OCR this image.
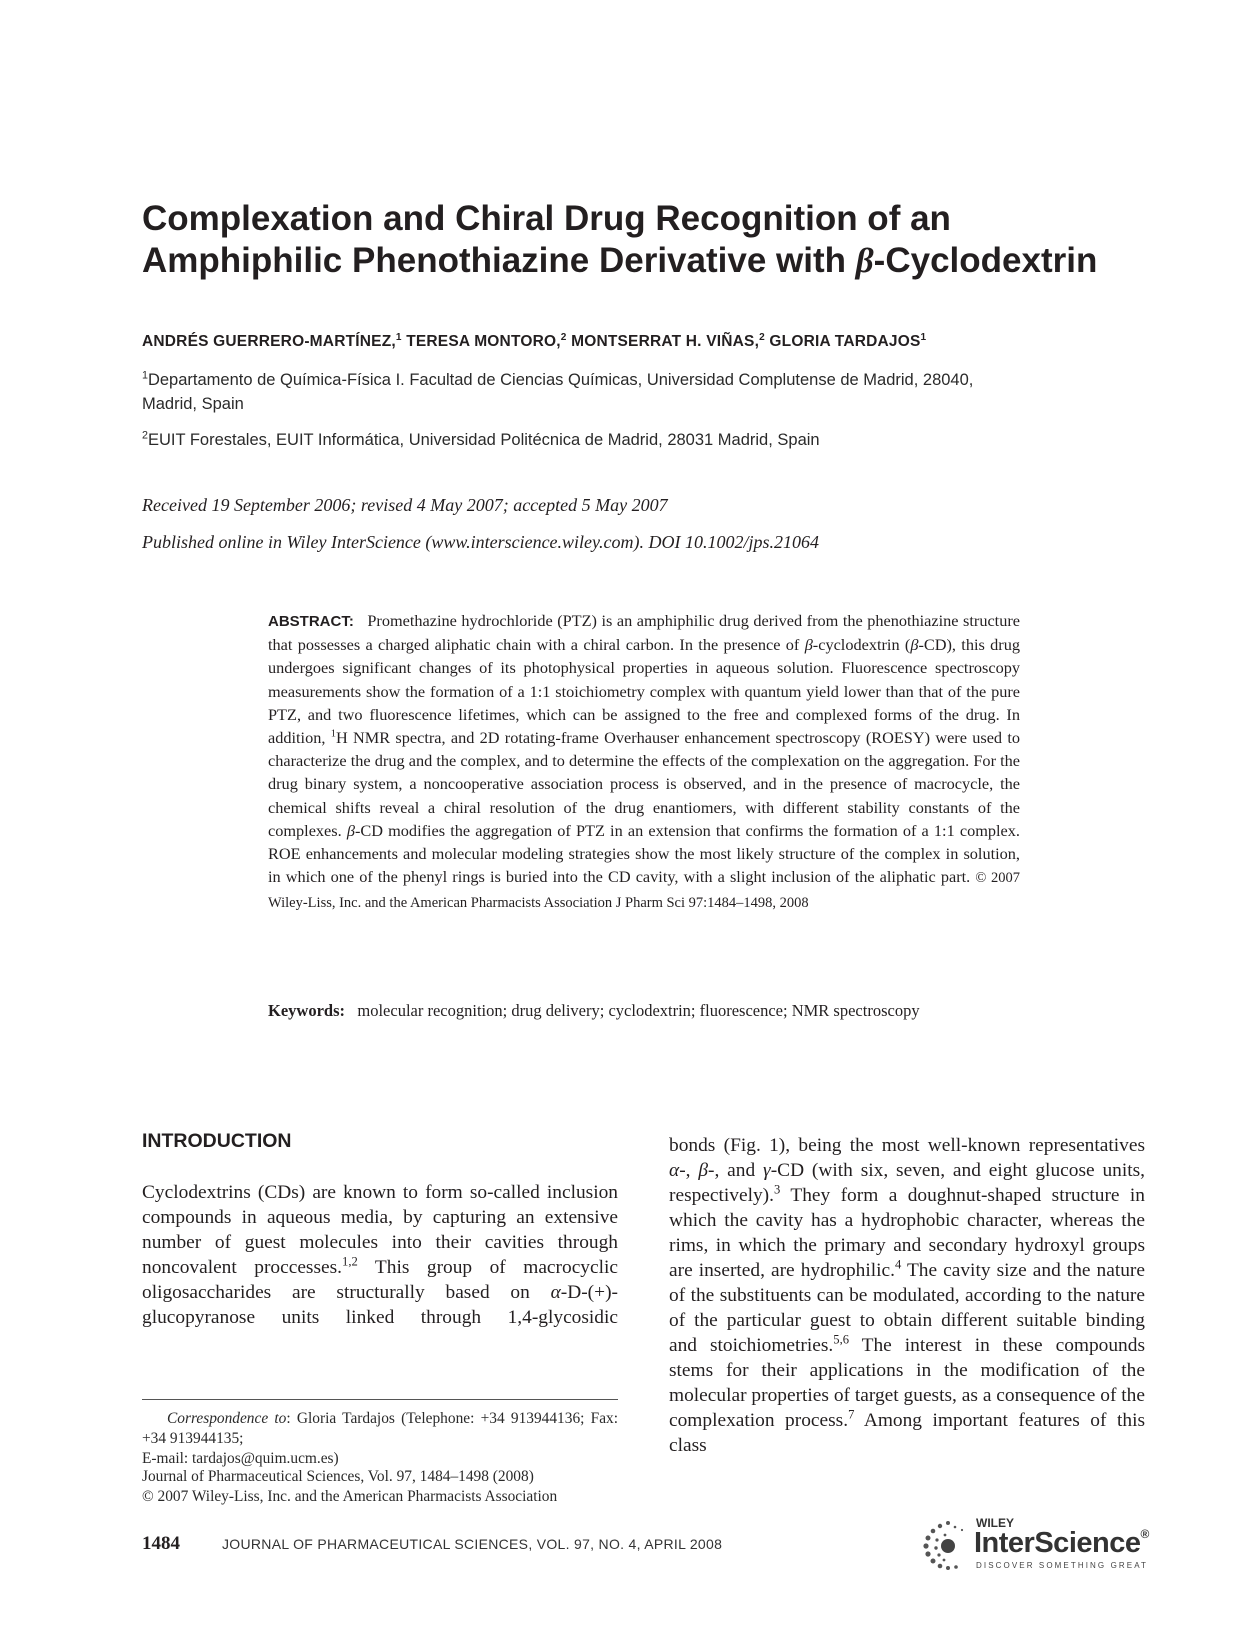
Complexation and Chiral Drug Recognition of an
Amphiphilic Phenothiazine Derivative with β-Cyclodextrin
ANDRÉS GUERRERO-MARTÍNEZ,$^1$ TERESA MONTORO,$^2$ MONTSERRAT H. VIÑAS,$^2$ GLORIA TARDAJOS$^1$
$^1$Departamento de Química-Física I. Facultad de Ciencias Químicas, Universidad Complutense de Madrid, 28040,
Madrid, Spain
$^2$EUIT Forestales, EUIT Informática, Universidad Politécnica de Madrid, 28031 Madrid, Spain
Received 19 September 2006; revised 4 May 2007; accepted 5 May 2007
Published online in Wiley InterScience (www.interscience.wiley.com). DOI 10.1002/jps.21064
ABSTRACT: Promethazine hydrochloride (PTZ) is an amphiphilic drug derived from the phenothiazine structure that possesses a charged aliphatic chain with a chiral carbon. In the presence of β-cyclodextrin (β-CD), this drug undergoes significant changes of its photophysical properties in aqueous solution. Fluorescence spectroscopy measurements show the formation of a 1:1 stoichiometry complex with quantum yield lower than that of the pure PTZ, and two fluorescence lifetimes, which can be assigned to the free and complexed forms of the drug. In addition, $^1$H NMR spectra, and 2D rotating-frame Overhauser enhancement spectroscopy (ROESY) were used to characterize the drug and the complex, and to determine the effects of the complexation on the aggregation. For the drug binary system, a noncooperative association process is observed, and in the presence of macrocycle, the chemical shifts reveal a chiral resolution of the drug enantiomers, with different stability constants of the complexes. β-CD modifies the aggregation of PTZ in an extension that confirms the formation of a 1:1 complex. ROE enhancements and molecular modeling strategies show the most likely structure of the complex in solution, in which one of the phenyl rings is buried into the CD cavity, with a slight inclusion of the aliphatic part. © 2007 Wiley-Liss, Inc. and the American Pharmacists Association J Pharm Sci 97:1484–1498, 2008
Keywords: molecular recognition; drug delivery; cyclodextrin; fluorescence; NMR spectroscopy
INTRODUCTION

Cyclodextrins (CDs) are known to form so-called inclusion compounds in aqueous media, by capturing an extensive number of guest molecules into their cavities through noncovalent proccesses.$^{1,2}$ This group of macrocyclic oligosaccharides are structurally based on α-D-(+)- glucopyranose units linked through 1,4-glycosidic

Correspondence to: Gloria Tardajos (Telephone: +34 913944136; Fax: +34 913944135;
E-mail: tardajos@quim.ucm.es)
Journal of Pharmaceutical Sciences, Vol. 97, 1484–1498 (2008)
© 2007 Wiley-Liss, Inc. and the American Pharmacists Association

bonds (Fig. 1), being the most well-known representatives α-, β-, and γ-CD (with six, seven, and eight glucose units, respectively).$^3$ They form a doughnut-shaped structure in which the cavity has a hydrophobic character, whereas the rims, in which the primary and secondary hydroxyl groups are inserted, are hydrophilic.$^4$ The cavity size and the nature of the substituents can be modulated, according to the nature of the particular guest to obtain different suitable binding and stoichiometries.$^{5,6}$ The interest in these compounds stems for their applications in the modification of the molecular properties of target guests, as a consequence of the complexation process.$^7$ Among important features of this class

1484	JOURNAL OF PHARMACEUTICAL SCIENCES, VOL. 97, NO. 4, APRIL 2008
WILEY
InterScience®
DISCOVER SOMETHING GREAT
